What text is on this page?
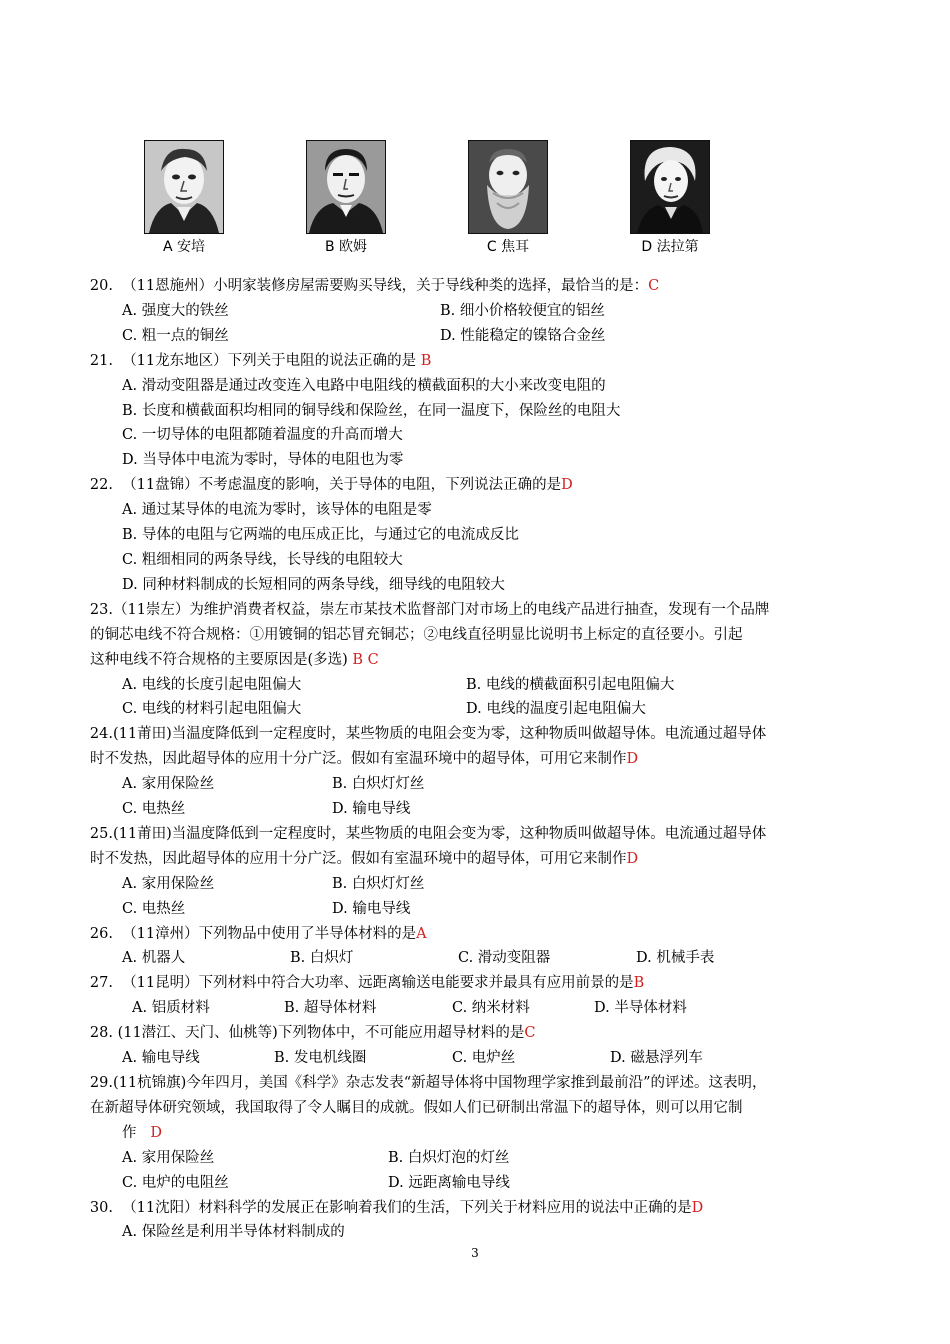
A 安培	B 欧姆	C 焦耳	D 法拉第
20. （11恩施州）小明家装修房屋需要购买导线，关于导线种类的选择，最恰当的是：C
A. 强度大的铁丝	B. 细小价格较便宜的铝丝
C. 粗一点的铜丝	D. 性能稳定的镍铬合金丝
21. （11龙东地区）下列关于电阻的说法正确的是 B
A. 滑动变阻器是通过改变连入电路中电阻线的横截面积的大小来改变电阻的
B. 长度和横截面积均相同的铜导线和保险丝，在同一温度下，保险丝的电阻大
C. 一切导体的电阻都随着温度的升高而增大
D. 当导体中电流为零时，导体的电阻也为零
22. （11盘锦）不考虑温度的影响，关于导体的电阻，下列说法正确的是D
A. 通过某导体的电流为零时，该导体的电阻是零
B. 导体的电阻与它两端的电压成正比，与通过它的电流成反比
C. 粗细相同的两条导线，长导线的电阻较大
D. 同种材料制成的长短相同的两条导线，细导线的电阻较大
23.（11崇左）为维护消费者权益，崇左市某技术监督部门对市场上的电线产品进行抽查，发现有一个品牌
的铜芯电线不符合规格：①用镀铜的铝芯冒充铜芯；②电线直径明显比说明书上标定的直径要小。引起
这种电线不符合规格的主要原因是(多选) B C
A. 电线的长度引起电阻偏大	B. 电线的横截面积引起电阻偏大
C. 电线的材料引起电阻偏大	D. 电线的温度引起电阻偏大
24.(11莆田)当温度降低到一定程度时，某些物质的电阻会变为零，这种物质叫做超导体。电流通过超导体
时不发热，因此超导体的应用十分广泛。假如有室温环境中的超导体，可用它来制作D
A. 家用保险丝	B. 白炽灯灯丝
C. 电热丝	D. 输电导线
25.(11莆田)当温度降低到一定程度时，某些物质的电阻会变为零，这种物质叫做超导体。电流通过超导体
时不发热，因此超导体的应用十分广泛。假如有室温环境中的超导体，可用它来制作D
A. 家用保险丝	B. 白炽灯灯丝
C. 电热丝	D. 输电导线
26. （11漳州）下列物品中使用了半导体材料的是A
A. 机器人	B. 白炽灯	C. 滑动变阻器	D. 机械手表
27. （11昆明）下列材料中符合大功率、远距离输送电能要求并最具有应用前景的是B
A. 铝质材料	B. 超导体材料	C. 纳米材料	D. 半导体材料
28. (11潜江、天门、仙桃等)下列物体中，不可能应用超导材料的是C
A. 输电导线	B. 发电机线圈	C. 电炉丝	D. 磁悬浮列车
29.(11杭锦旗)今年四月，美国《科学》杂志发表“新超导体将中国物理学家推到最前沿”的评述。这表明，
在新超导体研究领域，我国取得了令人瞩目的成就。假如人们已研制出常温下的超导体，则可以用它制
作 D
A. 家用保险丝	B. 白炽灯泡的灯丝
C. 电炉的电阻丝	D. 远距离输电导线
30. （11沈阳）材料科学的发展正在影响着我们的生活，下列关于材料应用的说法中正确的是D
A. 保险丝是利用半导体材料制成的
3
